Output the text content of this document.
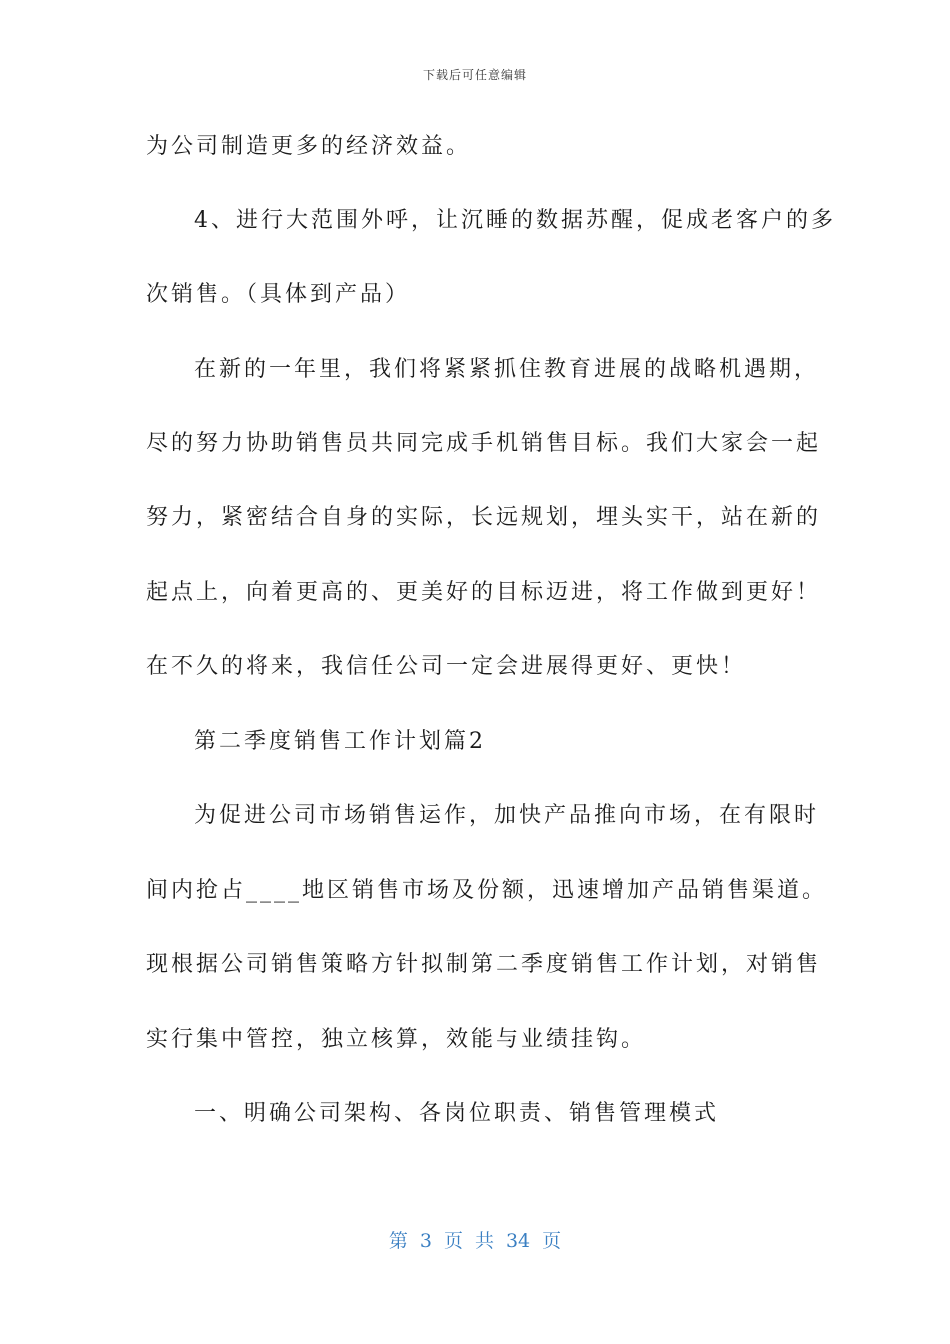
下载后可任意编辑
为公司制造更多的经济效益。
4、进行大范围外呼，让沉睡的数据苏醒，促成老客户的多
次销售。（具体到产品）
在新的一年里，我们将紧紧抓住教育进展的战略机遇期，
尽的努力协助销售员共同完成手机销售目标。我们大家会一起
努力，紧密结合自身的实际，长远规划，埋头实干，站在新的
起点上，向着更高的、更美好的目标迈进，将工作做到更好！
在不久的将来，我信任公司一定会进展得更好、更快！
第二季度销售工作计划篇2
为促进公司市场销售运作，加快产品推向市场，在有限时
间内抢占____地区销售市场及份额，迅速增加产品销售渠道。
现根据公司销售策略方针拟制第二季度销售工作计划，对销售
实行集中管控，独立核算，效能与业绩挂钩。
一、明确公司架构、各岗位职责、销售管理模式
第 3 页 共 34 页
